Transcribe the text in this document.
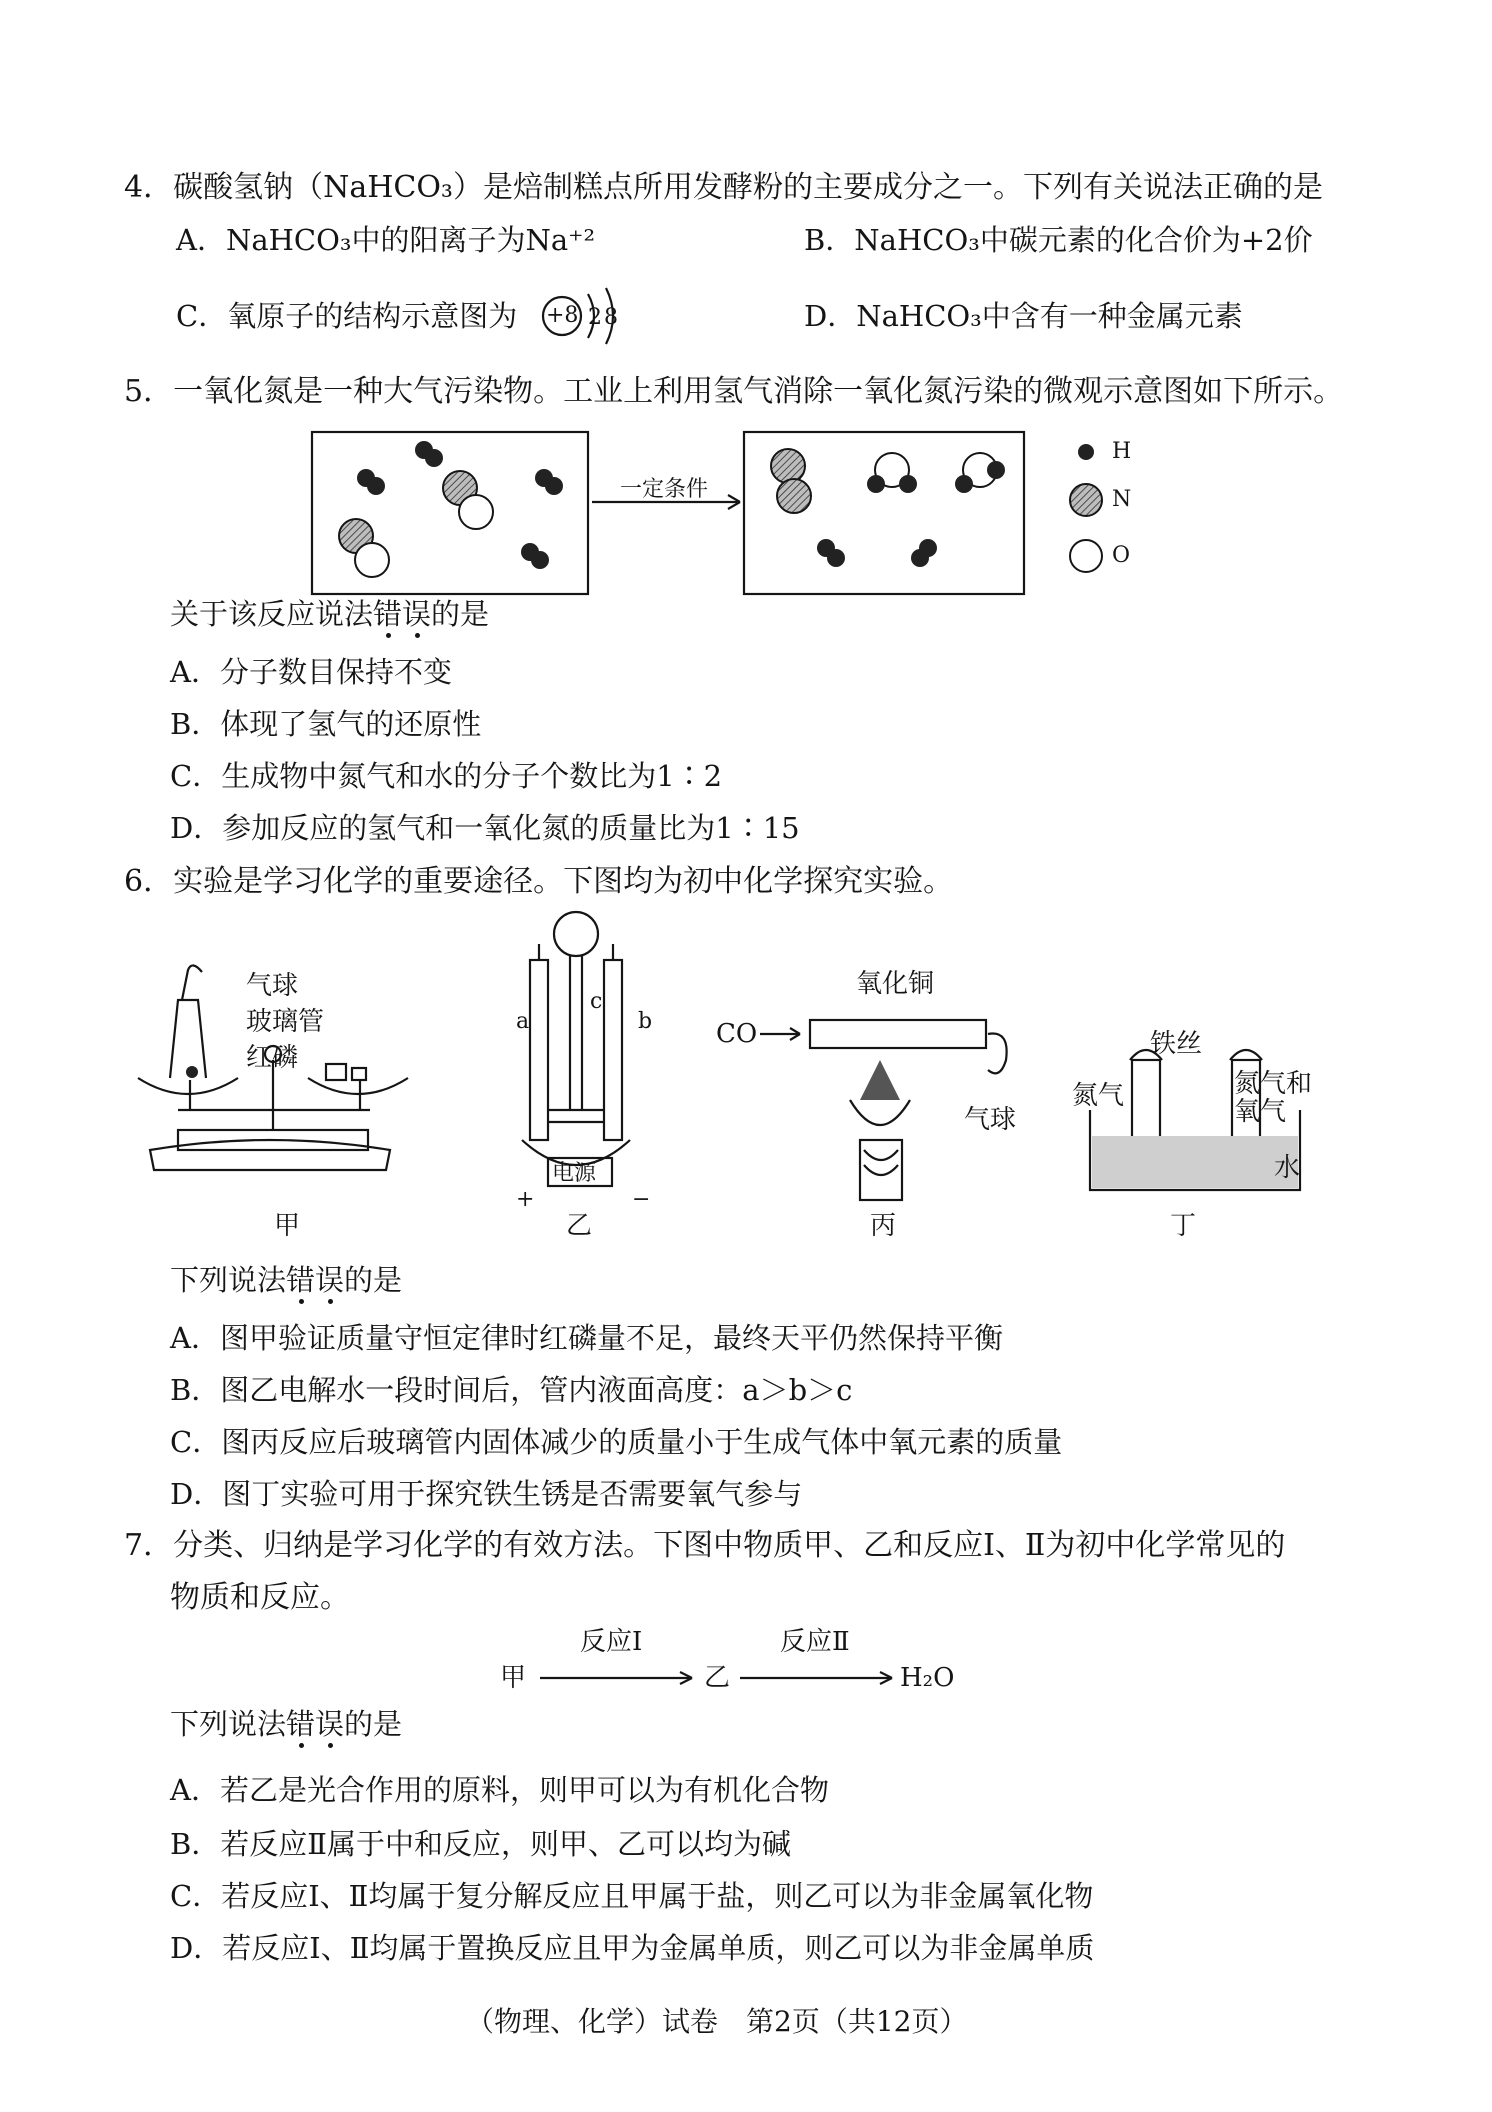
4．碳酸氢钠（NaHCO₃）是焙制糕点所用发酵粉的主要成分之一。下列有关说法正确的是
A．NaHCO₃中的阳离子为Na⁺²	B．NaHCO₃中碳元素的化合价为+2价
C．氧原子的结构示意图为 +8 2 8	D．NaHCO₃中含有一种金属元素
5．一氧化氮是一种大气污染物。工业上利用氢气消除一氧化氮污染的微观示意图如下所示。
一定条件
H
N
O
关于该反应说法错误的是
A．分子数目保持不变
B．体现了氢气的还原性
C．生成物中氮气和水的分子个数比为1∶2
D．参加反应的氢气和一氧化氮的质量比为1∶15
6．实验是学习化学的重要途径。下图均为初中化学探究实验。
气球
玻璃管
红磷
a
c
b
电源
+	−
氧化铜
CO
气球
铁丝
氮气	氮气和
氧气
水
甲	乙	丙	丁
下列说法错误的是
A．图甲验证质量守恒定律时红磷量不足，最终天平仍然保持平衡
B．图乙电解水一段时间后，管内液面高度：a＞b＞c
C．图丙反应后玻璃管内固体减少的质量小于生成气体中氧元素的质量
D．图丁实验可用于探究铁生锈是否需要氧气参与
7．分类、归纳是学习化学的有效方法。下图中物质甲、乙和反应Ⅰ、Ⅱ为初中化学常见的
物质和反应。
甲
反应Ⅰ
乙
反应Ⅱ
H₂O
下列说法错误的是
A．若乙是光合作用的原料，则甲可以为有机化合物
B．若反应Ⅱ属于中和反应，则甲、乙可以均为碱
C．若反应Ⅰ、Ⅱ均属于复分解反应且甲属于盐，则乙可以为非金属氧化物
D．若反应Ⅰ、Ⅱ均属于置换反应且甲为金属单质，则乙可以为非金属单质
（物理、化学）试卷　第2页（共12页）
